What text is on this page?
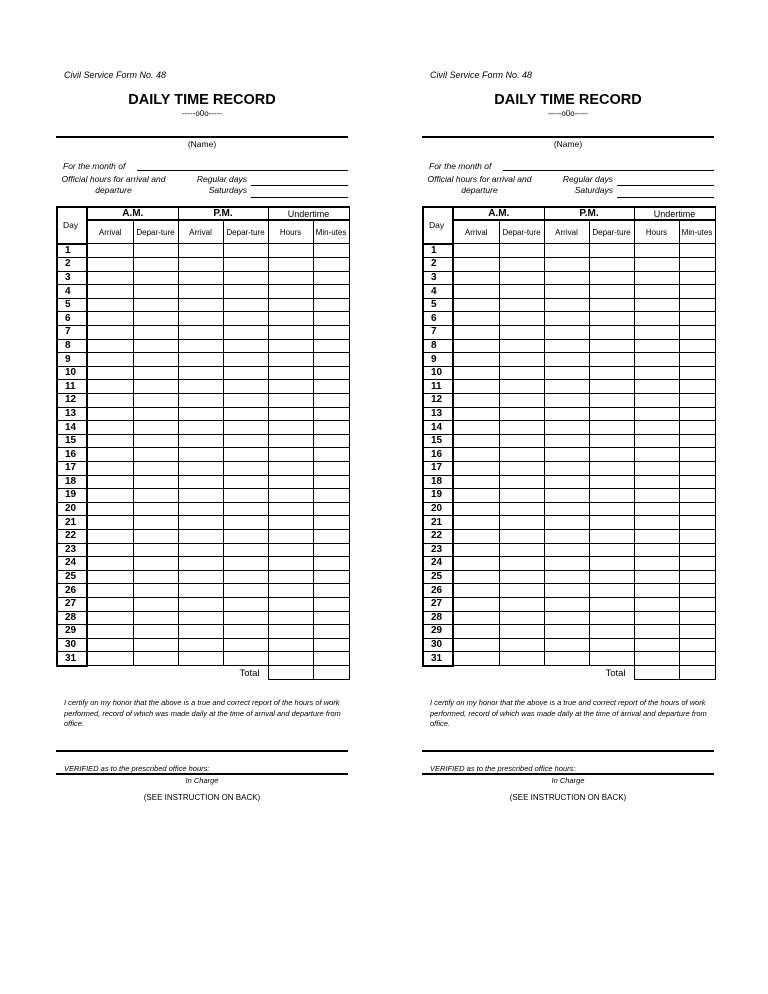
Civil Service Form No. 48
DAILY TIME RECORD
-----o0o-----
(Name)
For the month of
Official hours for arrival and departure
Regular days
Saturdays
Day	A.M.		P.M.		Undertime	
	Arrival	Depar-ture	Arrival	Depar-ture	Hours	Min-utes
1						
2						
3						
4						
5						
6						
7						
8						
9						
10						
11						
12						
13						
14						
15						
16						
17						
18						
19						
20						
21						
22						
23						
24						
25						
26						
27						
28						
29						
30						
31						
Total						
I certify on my honor that the above is a true and correct report of the hours of work performed, record of which was made daily at the time of arrival and departure from office.
VERIFIED as to the prescribed office hours:
In Charge
(SEE INSTRUCTION ON BACK)
Civil Service Form No. 48
DAILY TIME RECORD
-----o0o-----
(Name)
For the month of
Official hours for arrival and departure
Regular days
Saturdays
Day	A.M.		P.M.		Undertime	
	Arrival	Depar-ture	Arrival	Depar-ture	Hours	Min-utes
1						
2						
3						
4						
5						
6						
7						
8						
9						
10						
11						
12						
13						
14						
15						
16						
17						
18						
19						
20						
21						
22						
23						
24						
25						
26						
27						
28						
29						
30						
31						
Total						
I certify on my honor that the above is a true and correct report of the hours of work performed, record of which was made daily at the time of arrival and departure from office.
VERIFIED as to the prescribed office hours:
In Charge
(SEE INSTRUCTION ON BACK)
